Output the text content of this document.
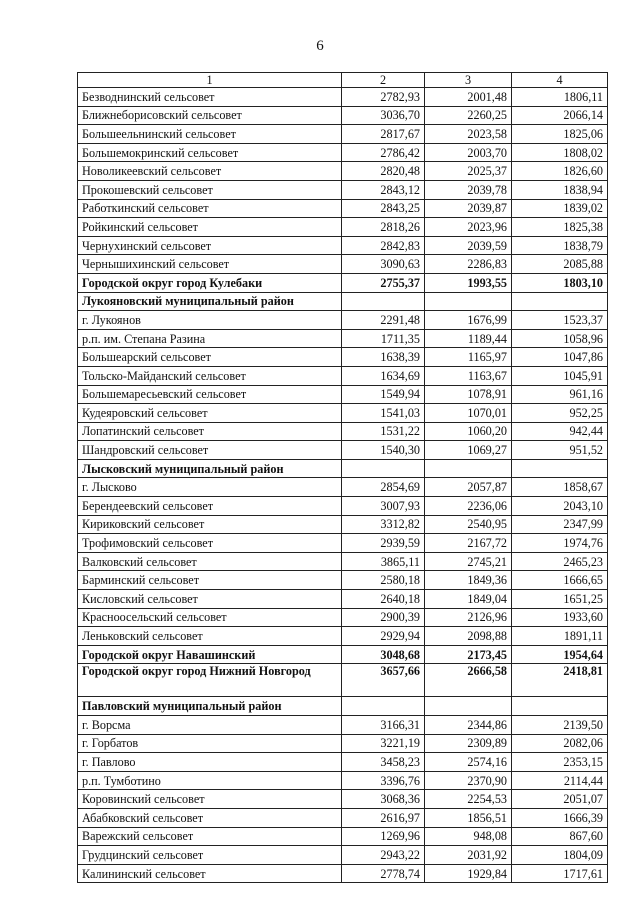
6
1	2	3	4
Безводнинский сельсовет	2782,93	2001,48	1806,11
Ближнеборисовский сельсовет	3036,70	2260,25	2066,14
Большеельнинский сельсовет	2817,67	2023,58	1825,06
Большемокринский сельсовет	2786,42	2003,70	1808,02
Новоликеевский сельсовет	2820,48	2025,37	1826,60
Прокошевский сельсовет	2843,12	2039,78	1838,94
Работкинский сельсовет	2843,25	2039,87	1839,02
Ройкинский сельсовет	2818,26	2023,96	1825,38
Чернухинский сельсовет	2842,83	2039,59	1838,79
Чернышихинский сельсовет	3090,63	2286,83	2085,88
Городской округ город Кулебаки	2755,37	1993,55	1803,10
Лукояновский муниципальный район			
г. Лукоянов	2291,48	1676,99	1523,37
р.п. им. Степана Разина	1711,35	1189,44	1058,96
Большеарский сельсовет	1638,39	1165,97	1047,86
Тольско-Майданский сельсовет	1634,69	1163,67	1045,91
Большемаресьевский сельсовет	1549,94	1078,91	961,16
Кудеяровский сельсовет	1541,03	1070,01	952,25
Лопатинский сельсовет	1531,22	1060,20	942,44
Шандровский сельсовет	1540,30	1069,27	951,52
Лысковский муниципальный район			
г. Лысково	2854,69	2057,87	1858,67
Берендеевский сельсовет	3007,93	2236,06	2043,10
Кириковский сельсовет	3312,82	2540,95	2347,99
Трофимовский сельсовет	2939,59	2167,72	1974,76
Валковский сельсовет	3865,11	2745,21	2465,23
Барминский сельсовет	2580,18	1849,36	1666,65
Кисловский сельсовет	2640,18	1849,04	1651,25
Красноосельский сельсовет	2900,39	2126,96	1933,60
Леньковский сельсовет	2929,94	2098,88	1891,11
Городской округ Навашинский	3048,68	2173,45	1954,64
Городской округ город Нижний Новгород	3657,66	2666,58	2418,81
Павловский муниципальный район			
г. Ворсма	3166,31	2344,86	2139,50
г. Горбатов	3221,19	2309,89	2082,06
г. Павлово	3458,23	2574,16	2353,15
р.п. Тумботино	3396,76	2370,90	2114,44
Коровинский сельсовет	3068,36	2254,53	2051,07
Абабковский сельсовет	2616,97	1856,51	1666,39
Варежский сельсовет	1269,96	948,08	867,60
Грудцинский сельсовет	2943,22	2031,92	1804,09
Калининский сельсовет	2778,74	1929,84	1717,61
